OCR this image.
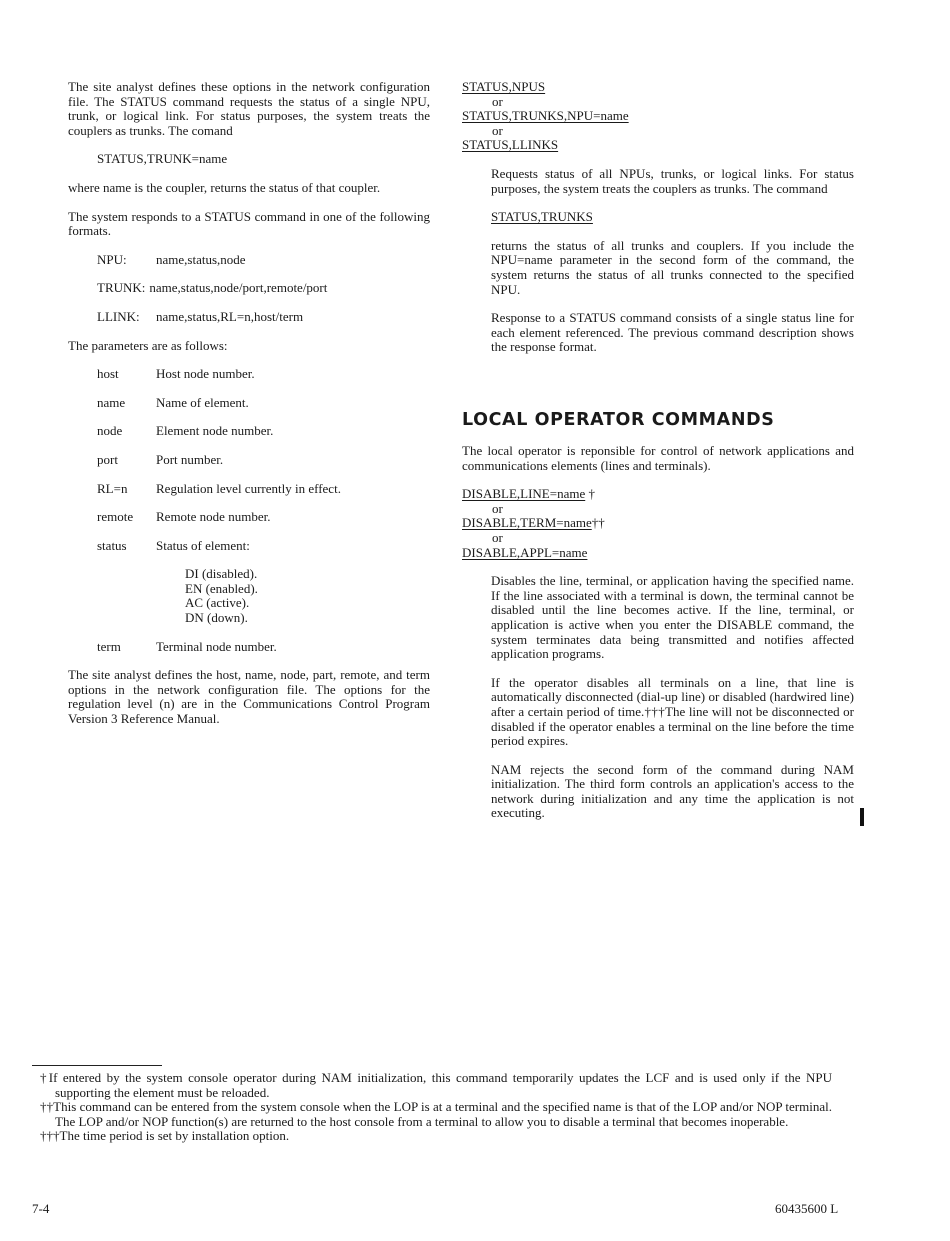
The site analyst defines these options in the network configuration file. The STATUS command requests the status of a single NPU, trunk, or logical link. For status purposes, the system treats the couplers as trunks. The comand

STATUS,TRUNK=name

where name is the coupler, returns the status of that coupler.

The system responds to a STATUS command in one of the following formats.

NPU:	name,status,node
TRUNK: name,status,node/port,remote/port
LLINK:	name,status,RL=n,host/term

The parameters are as follows:

host	Host node number.
name	Name of element.
node	Element node number.
port	Port number.
RL=n	Regulation level currently in effect.
remote	Remote node number.
status	Status of element:
DI (disabled).
EN (enabled).
AC (active).
DN (down).
term	Terminal node number.

The site analyst defines the host, name, node, part, remote, and term options in the network configuration file. The options for the regulation level (n) are in the Communications Control Program Version 3 Reference Manual.

STATUS,NPUS
or
STATUS,TRUNKS,NPU=name
or
STATUS,LLINKS

Requests status of all NPUs, trunks, or logical links. For status purposes, the system treats the couplers as trunks. The command

STATUS,TRUNKS

returns the status of all trunks and couplers. If you include the NPU=name parameter in the second form of the command, the system returns the status of all trunks connected to the specified NPU.

Response to a STATUS command consists of a single status line for each element referenced. The previous command description shows the response format.

LOCAL OPERATOR COMMANDS

The local operator is reponsible for control of network applications and communications elements (lines and terminals).

DISABLE,LINE=name †
or
DISABLE,TERM=name††
or
DISABLE,APPL=name

Disables the line, terminal, or application having the specified name. If the line associated with a terminal is down, the terminal cannot be disabled until the line becomes active. If the line, terminal, or application is active when you enter the DISABLE command, the system terminates data being transmitted and notifies affected application programs.

If the operator disables all terminals on a line, that line is automatically disconnected (dial-up line) or disabled (hardwired line) after a certain period of time.†††The line will not be disconnected or disabled if the operator enables a terminal on the line before the time period expires.

NAM rejects the second form of the command during NAM initialization. The third form controls an application's access to the network during initialization and any time the application is not executing.

†If entered by the system console operator during NAM initialization, this command temporarily updates the LCF and is used only if the NPU supporting the element must be reloaded.

††This command can be entered from the system console when the LOP is at a terminal and the specified name is that of the LOP and/or NOP terminal. The LOP and/or NOP function(s) are returned to the host console from a terminal to allow you to disable a terminal that becomes inoperable.

†††The time period is set by installation option.

7-4	60435600 L
